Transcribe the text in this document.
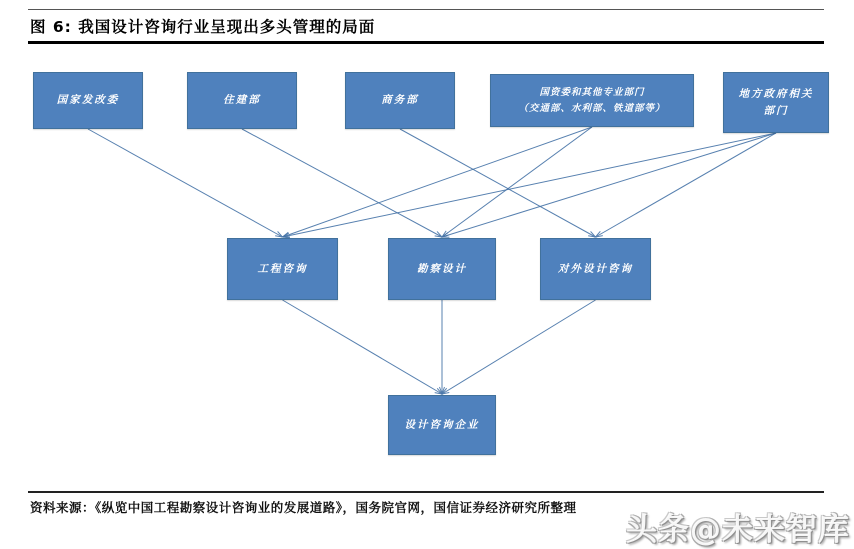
图 6: 我国设计咨询行业呈现出多头管理的局面
国家发改委	住建部	商务部
国资委和其他专业部门
（交通部、水利部、铁道部等）
地方政府相关
部门
工程咨询	勘察设计	对外设计咨询
设计咨询企业
资料来源：《纵览中国工程勘察设计咨询业的发展道路》，国务院官网，国信证券经济研究所整理
头条@未来智库
